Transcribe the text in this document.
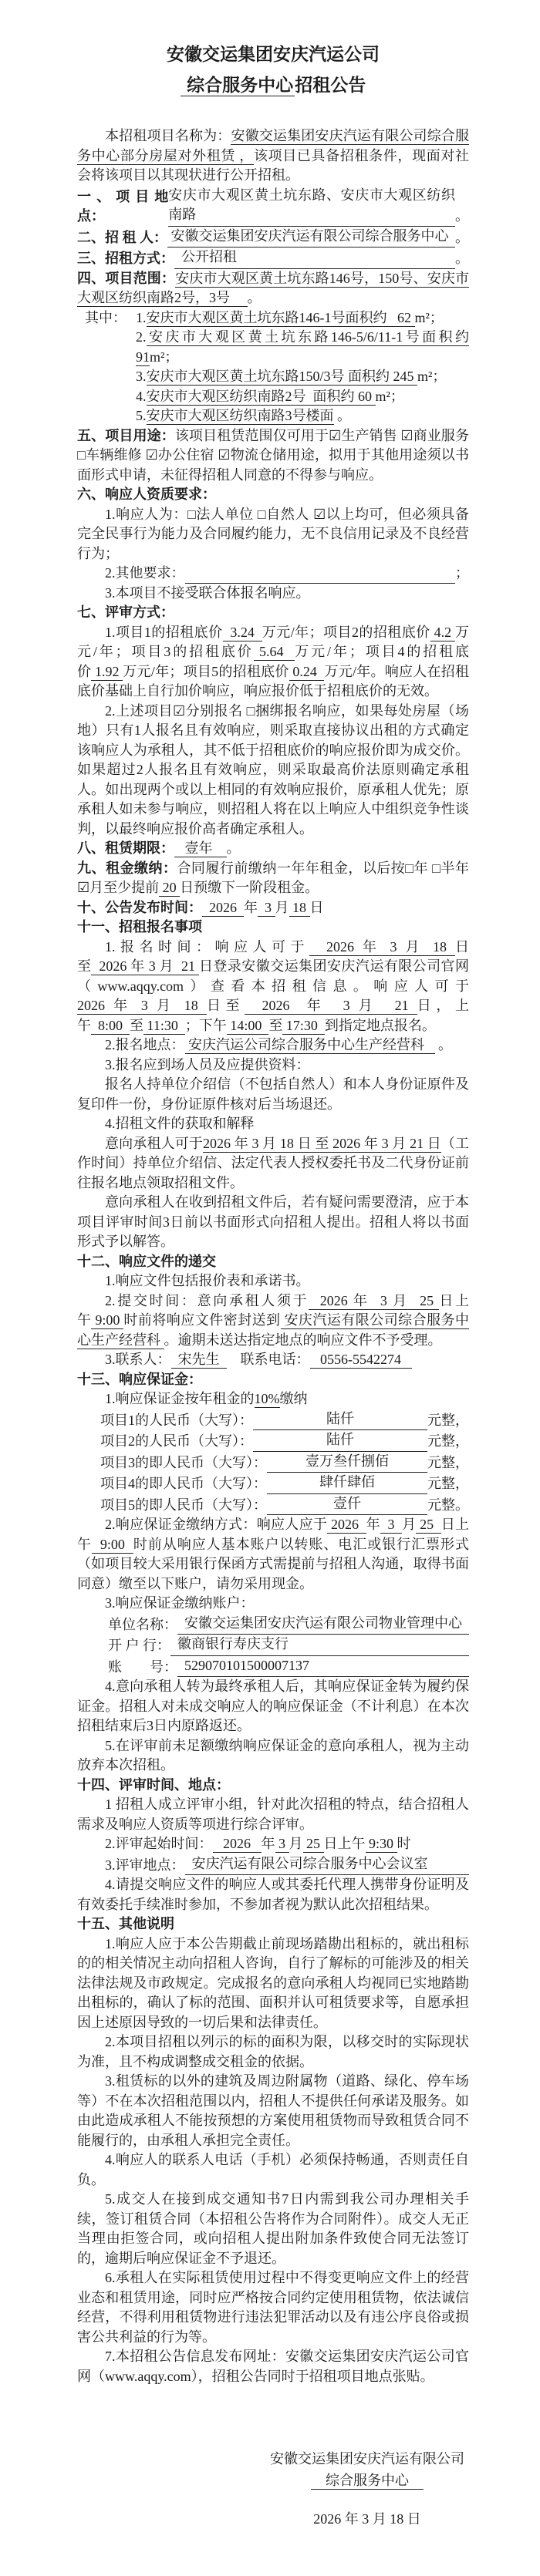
安徽交运集团安庆汽运公司
综合服务中心招租公告

本招租项目名称为：安徽交运集团安庆汽运有限公司综合服务中心部分房屋对外租赁 ，该项目已具备招租条件，现面对社会将该项目以其现状进行公开招租。

一、项目地点：
安庆市大观区黄土坑东路、安庆市大观区纺织南路	。

二、招 租 人： 安徽交运集团安庆汽运有限公司综合服务中心 。

三、招租方式： 公开招租	。

四、项目范围：安庆市大观区黄土坑东路146号，150号、安庆市大观区纺织南路2号，3号     。

其中： 1.安庆市大观区黄土坑东路146-1号面积约   62 m²；

2.安庆市大观区黄土坑东路146-5/6/11-1号面积约91m²；

3.安庆市大观区黄土坑东路150/3号 面积约 245 m²；

4.安庆市大观区纺织南路2号  面积约 60 m²；

5.安庆市大观区纺织南路3号楼面 。

五、项目用途：该项目租赁范围仅可用于☑生产销售 ☑商业服务 □车辆维修 ☑办公住宿 ☑物流仓储用途，拟用于其他用途须以书面形式申请，未征得招租人同意的不得参与响应。

六、响应人资质要求：

1.响应人为：□法人单位 □自然人 ☑以上均可，但必须具备完全民事行为能力及合同履约能力，无不良信用记录及不良经营行为；

2.其他要求：	；

3.本项目不接受联合体报名响应。

七、评审方式：

1.项目1的招租底价  3.24  万元/年；项目2的招租底价 4.2 万元/年；项目3的招租底价 5.64  万元/年；项目4的招租底价 1.92 万元/年；项目5的招租底价 0.24  万元/年。响应人在招租底价基础上自行加价响应，响应报价低于招租底价的无效。

2.上述项目☑分别报名 □捆绑报名响应，如果每处房屋（场地）只有1人报名且有效响应，则采取直接协议出租的方式确定该响应人为承租人，其不低于招租底价的响应报价即为成交价。如果超过2人报名且有效响应，则采取最高价法原则确定承租人。如出现两个或以上相同的有效响应报价，原承租人优先；原承租人如未参与响应，则招租人将在以上响应人中组织竞争性谈判，以最终响应报价高者确定承租人。

八、租赁期限：   壹年    。

九、租金缴纳：合同履行前缴纳一年年租金，以后按□年 □半年 ☑月至少提前 20 日预缴下一阶段租金。

十、公告发布时间：  2026  年  3 月 18 日

十一、招租报名事项

1.报名时间：响应人可于  2026 年 3 月 18 日至  2026 年 3 月  21 日登录安徽交运集团安庆汽运有限公司官网（www.aqqy.com）查看本招租信息。响应人可于2026 年 3 月 18 日至  2026  年  3 月  21 日，上午  8:00  至 11:30  ；下午 14:00  至 17:30  到指定地点报名。

2.报名地点： 安庆汽运公司综合服务中心生产经营科    。

3.报名应到场人员及应提供资料：

报名人持单位介绍信（不包括自然人）和本人身份证原件及复印件一份，身份证原件核对后当场退还。

4.招租文件的获取和解释

意向承租人可于2026 年 3 月 18 日 至 2026 年 3 月 21 日（工作时间）持单位介绍信、法定代表人授权委托书及二代身份证前往报名地点领取招租文件。

意向承租人在收到招租文件后，若有疑问需要澄清，应于本项目评审时间3日前以书面形式向招租人提出。招租人将以书面形式予以解答。

十二、响应文件的递交

1.响应文件包括报价表和承诺书。

2.提交时间：意向承租人须于  2026 年  3 月  25 日上午 9:00 时前将响应文件密封送到 安庆汽运有限公司综合服务中心生产经营科 。逾期未送达指定地点的响应文件不予受理。

3.联系人：  宋先生      联系电话：   0556-5542274

十三、响应保证金：

1.响应保证金按年租金的10%缴纳

项目1的人民币（大写）：	陆仟	元整，

项目2的人民币（大写）：	陆仟	元整，

项目3的即人民币（大写）：	壹万叁仟捌佰	元整，

项目4的即人民币（大写）：	肆仟肆佰	元整，

项目5的即人民币（大写）：	壹仟	元整。

2.响应保证金缴纳方式：响应人应于 2026  年  3  月 25  日上午  9:00  时前从响应人基本账户以转账、电汇或银行汇票形式（如项目较大采用银行保函方式需提前与招租人沟通，取得书面同意）缴至以下账户，请勿采用现金。

3.响应保证金缴纳账户：

单位名称： 安徽交运集团安庆汽运有限公司物业管理中心

开 户 行： 徽商银行寿庆支行

账　　号： 529070101500007137

4.意向承租人转为最终承租人后，其响应保证金转为履约保证金。招租人对未成交响应人的响应保证金（不计利息）在本次招租结束后3日内原路返还。

5.在评审前未足额缴纳响应保证金的意向承租人，视为主动放弃本次招租。

十四、评审时间、地点：

1 招租人成立评审小组，针对此次招租的特点，结合招租人需求及响应人资质等项进行综合评审。

2.评审起始时间：   2026   年 3 月 25 日上午 9:30 时

3.评审地点： 安庆汽运有限公司综合服务中心会议室

4.请提交响应文件的响应人或其委托代理人携带身份证明及有效委托手续准时参加，不参加者视为默认此次招租结果。

十五、其他说明

1.响应人应于本公告期截止前现场踏勘出租标的，就出租标的的相关情况主动向招租人咨询，自行了解标的可能涉及的相关法律法规及市政规定。完成报名的意向承租人均视同已实地踏勘出租标的，确认了标的范围、面积并认可租赁要求等，自愿承担因上述原因导致的一切后果和法律责任。

2.本项目招租以列示的标的面积为限，以移交时的实际现状为准，且不构成调整成交租金的依据。

3.租赁标的以外的建筑及周边附属物（道路、绿化、停车场等）不在本次招租范围以内，招租人不提供任何承诺及服务。如由此造成承租人不能按预想的方案使用租赁物而导致租赁合同不能履行的，由承租人承担完全责任。

4.响应人的联系人电话（手机）必须保持畅通，否则责任自负。

5.成交人在接到成交通知书7日内需到我公司办理相关手续，签订租赁合同（本招租公告将作为合同附件）。成交人无正当理由拒签合同，或向招租人提出附加条件致使合同无法签订的，逾期后响应保证金不予退还。

6.承租人在实际租赁使用过程中不得变更响应文件上的经营业态和租赁用途，同时应严格按合同约定使用租赁物，依法诚信经营，不得利用租赁物进行违法犯罪活动以及有违公序良俗或损害公共利益的行为等。

7.本招租公告信息发布网址：安徽交运集团安庆汽运公司官网（www.aqqy.com），招租公告同时于招租项目地点张贴。

安徽交运集团安庆汽运有限公司
综合服务中心
2026 年 3 月 18 日
